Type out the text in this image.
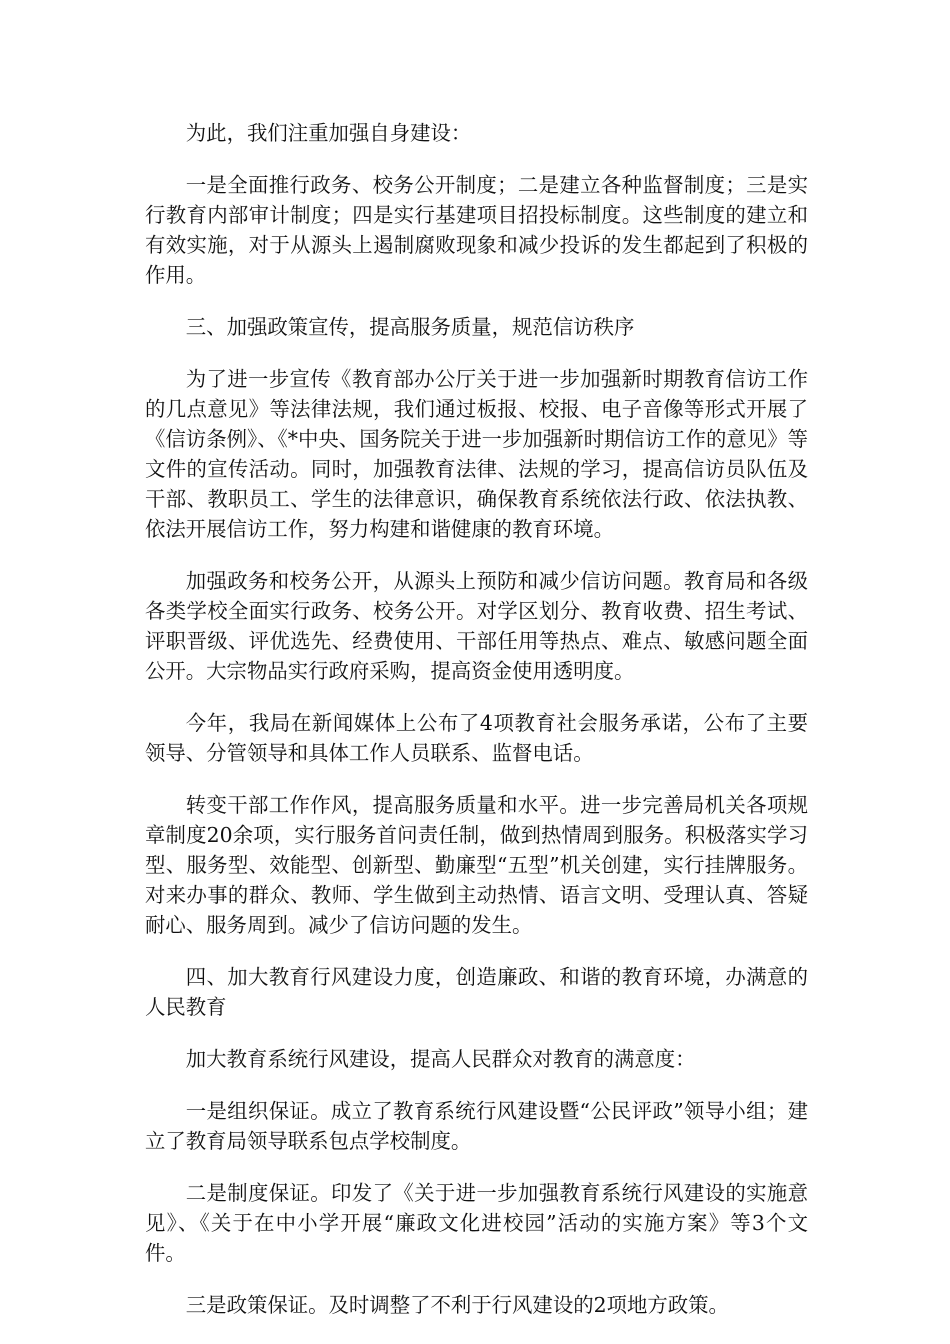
为此，我们注重加强自身建设：

一是全面推行政务、校务公开制度；二是建立各种监督制度；三是实行教育内部审计制度；四是实行基建项目招投标制度。这些制度的建立和有效实施，对于从源头上遏制腐败现象和减少投诉的发生都起到了积极的作用。

三、加强政策宣传，提高服务质量，规范信访秩序

为了进一步宣传《教育部办公厅关于进一步加强新时期教育信访工作的几点意见》等法律法规，我们通过板报、校报、电子音像等形式开展了《信访条例》、《*中央、国务院关于进一步加强新时期信访工作的意见》等文件的宣传活动。同时，加强教育法律、法规的学习，提高信访员队伍及干部、教职员工、学生的法律意识，确保教育系统依法行政、依法执教、依法开展信访工作，努力构建和谐健康的教育环境。

加强政务和校务公开，从源头上预防和减少信访问题。教育局和各级各类学校全面实行政务、校务公开。对学区划分、教育收费、招生考试、评职晋级、评优选先、经费使用、干部任用等热点、难点、敏感问题全面公开。大宗物品实行政府采购，提高资金使用透明度。

今年，我局在新闻媒体上公布了4项教育社会服务承诺，公布了主要领导、分管领导和具体工作人员联系、监督电话。

转变干部工作作风，提高服务质量和水平。进一步完善局机关各项规章制度20余项，实行服务首问责任制，做到热情周到服务。积极落实学习型、服务型、效能型、创新型、勤廉型“五型”机关创建，实行挂牌服务。对来办事的群众、教师、学生做到主动热情、语言文明、受理认真、答疑耐心、服务周到。减少了信访问题的发生。

四、加大教育行风建设力度，创造廉政、和谐的教育环境，办满意的人民教育

加大教育系统行风建设，提高人民群众对教育的满意度：

一是组织保证。成立了教育系统行风建设暨“公民评政”领导小组；建立了教育局领导联系包点学校制度。

二是制度保证。印发了《关于进一步加强教育系统行风建设的实施意见》、《关于在中小学开展“廉政文化进校园”活动的实施方案》等3个文件。

三是政策保证。及时调整了不利于行风建设的2项地方政策。
